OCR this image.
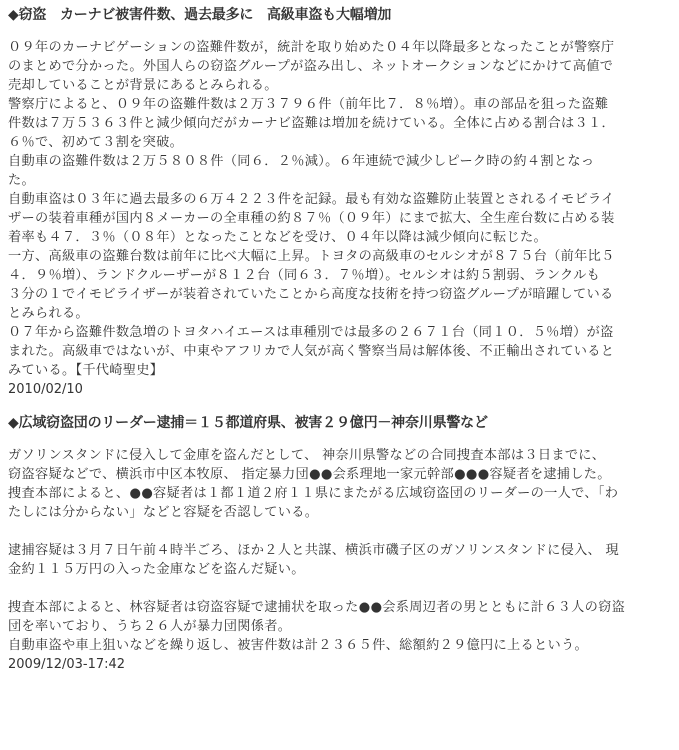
◆窃盗　カーナビ被害件数、過去最多に　高級車盗も大幅増加

０９年のカーナビゲーションの盗難件数が，統計を取り始めた０４年以降最多となったことが警察庁

のまとめで分かった。外国人らの窃盗グループが盗み出し、ネットオークションなどにかけて高値で

売却していることが背景にあるとみられる。

警察庁によると、０９年の盗難件数は２万３７９６件（前年比７．８％増）。車の部品を狙った盗難

件数は７万５３６３件と減少傾向だがカーナビ盗難は増加を続けている。全体に占める割合は３１．

６％で、初めて３割を突破。

自動車の盗難件数は２万５８０８件（同６．２％減）。６年連続で減少しピーク時の約４割となっ

た。

自動車盗は０３年に過去最多の６万４２２３件を記録。最も有効な盗難防止装置とされるイモビライ

ザーの装着車種が国内８メーカーの全車種の約８７％（０９年）にまで拡大、全生産台数に占める装

着率も４７．３％（０８年）となったことなどを受け、０４年以降は減少傾向に転じた。

一方、高級車の盗難台数は前年に比べ大幅に上昇。トヨタの高級車のセルシオが８７５台（前年比５

４．９％増）、ランドクルーザーが８１２台（同６３．７％増）。セルシオは約５割弱、ランクルも

３分の１でイモビライザーが装着されていたことから高度な技術を持つ窃盗グループが暗躍している

とみられる。

０７年から盗難件数急増のトヨタハイエースは車種別では最多の２６７１台（同１０．５％増）が盗

まれた。高級車ではないが、中東やアフリカで人気が高く警察当局は解体後、不正輸出されていると

みている。【千代崎聖史】

2010/02/10

◆広域窃盗団のリーダー逮捕＝１５都道府県、被害２９億円－神奈川県警など

ガソリンスタンドに侵入して金庫を盗んだとして、 神奈川県警などの合同捜査本部は３日までに、

窃盗容疑などで、横浜市中区本牧原、 指定暴力団●●会系理地一家元幹部●●●容疑者を逮捕した。

捜査本部によると、●●容疑者は１都１道２府１１県にまたがる広域窃盗団のリーダーの一人で、「わ

たしには分からない」などと容疑を否認している。

逮捕容疑は３月７日午前４時半ごろ、ほか２人と共謀、横浜市磯子区のガソリンスタンドに侵入、 現

金約１１５万円の入った金庫などを盗んだ疑い。

捜査本部によると、林容疑者は窃盗容疑で逮捕状を取った●●会系周辺者の男とともに計６３人の窃盗

団を率いており、うち２６人が暴力団関係者。

自動車盗や車上狙いなどを繰り返し、被害件数は計２３６５件、総額約２９億円に上るという。

2009/12/03-17:42
